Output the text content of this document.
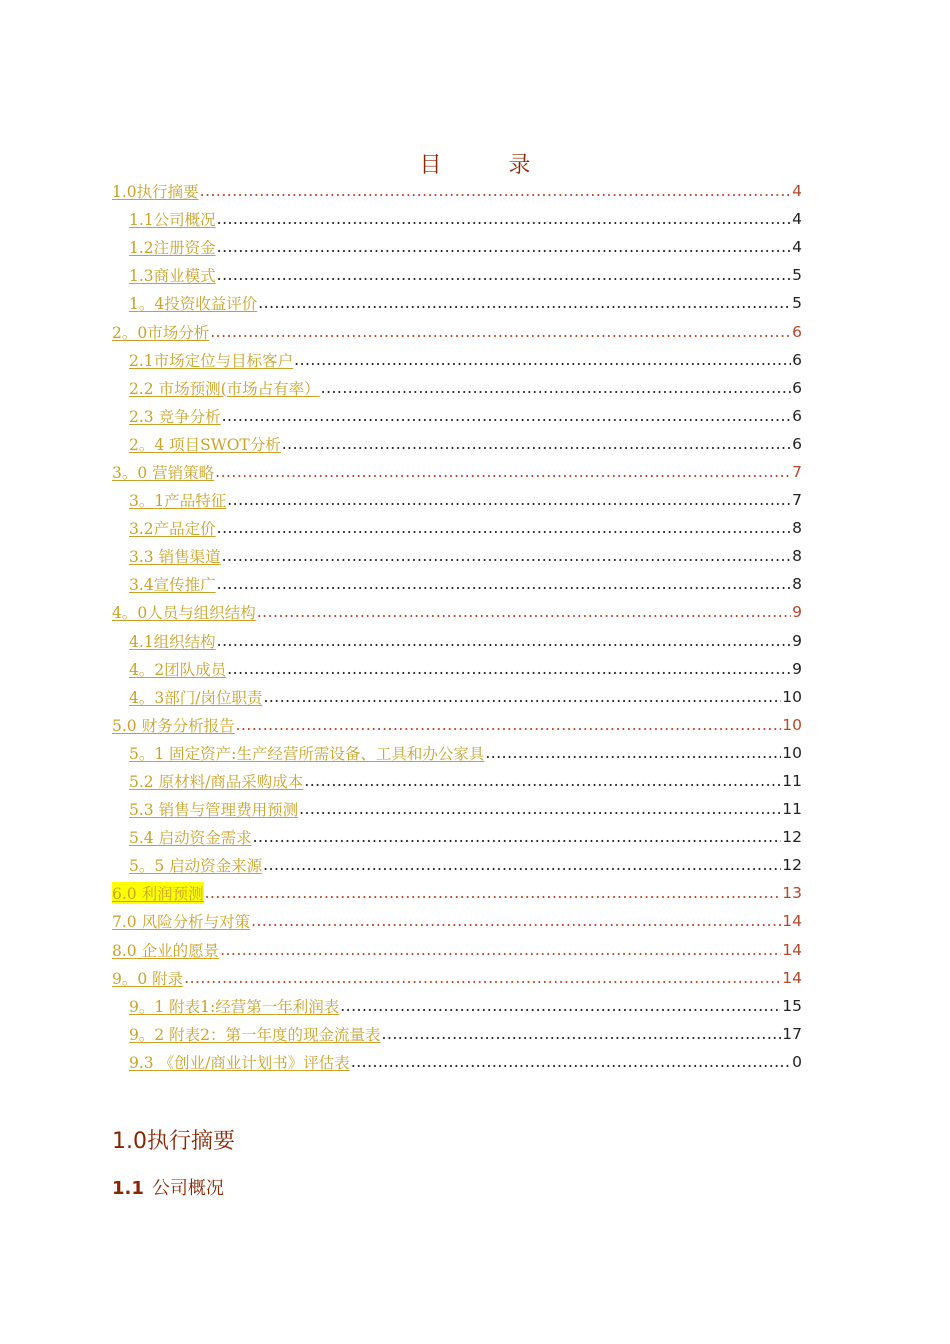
目	录
1.0执行摘要 .....	4
1.1公司概况 .....	4
1.2注册资金 .....	4
1.3商业模式 .....	5
1。4投资收益评价 .....	5
2。0市场分析 .....	6
2.1市场定位与目标客户 .....	6
2.2 市场预测(市场占有率） .....	6
2.3 竞争分析 .....	6
2。4 项目SWOT分析 .....	6
3。0 营销策略 .....	7
3。1产品特征 .....	7
3.2产品定价 .....	8
3.3 销售渠道 .....	8
3.4宣传推广 .....	8
4。0人员与组织结构 .....	9
4.1组织结构 .....	9
4。2团队成员 .....	9
4。3部门/岗位职责 .....	10
5.0 财务分析报告 .....	10
5。1 固定资产:生产经营所需设备、工具和办公家具 .....	10
5.2 原材料/商品采购成本 .....	11
5.3 销售与管理费用预测 .....	11
5.4 启动资金需求 .....	12
5。5 启动资金来源 .....	12
6.0 利润预测 .....	13
7.0 风险分析与对策 .....	14
8.0 企业的愿景 .....	14
9。0 附录 .....	14
9。1 附表1:经营第一年利润表 .....	15
9。2 附表2：第一年度的现金流量表 .....	17
9.3 《创业/商业计划书》评估表 .....	0
1.0执行摘要
1.1 公司概况
